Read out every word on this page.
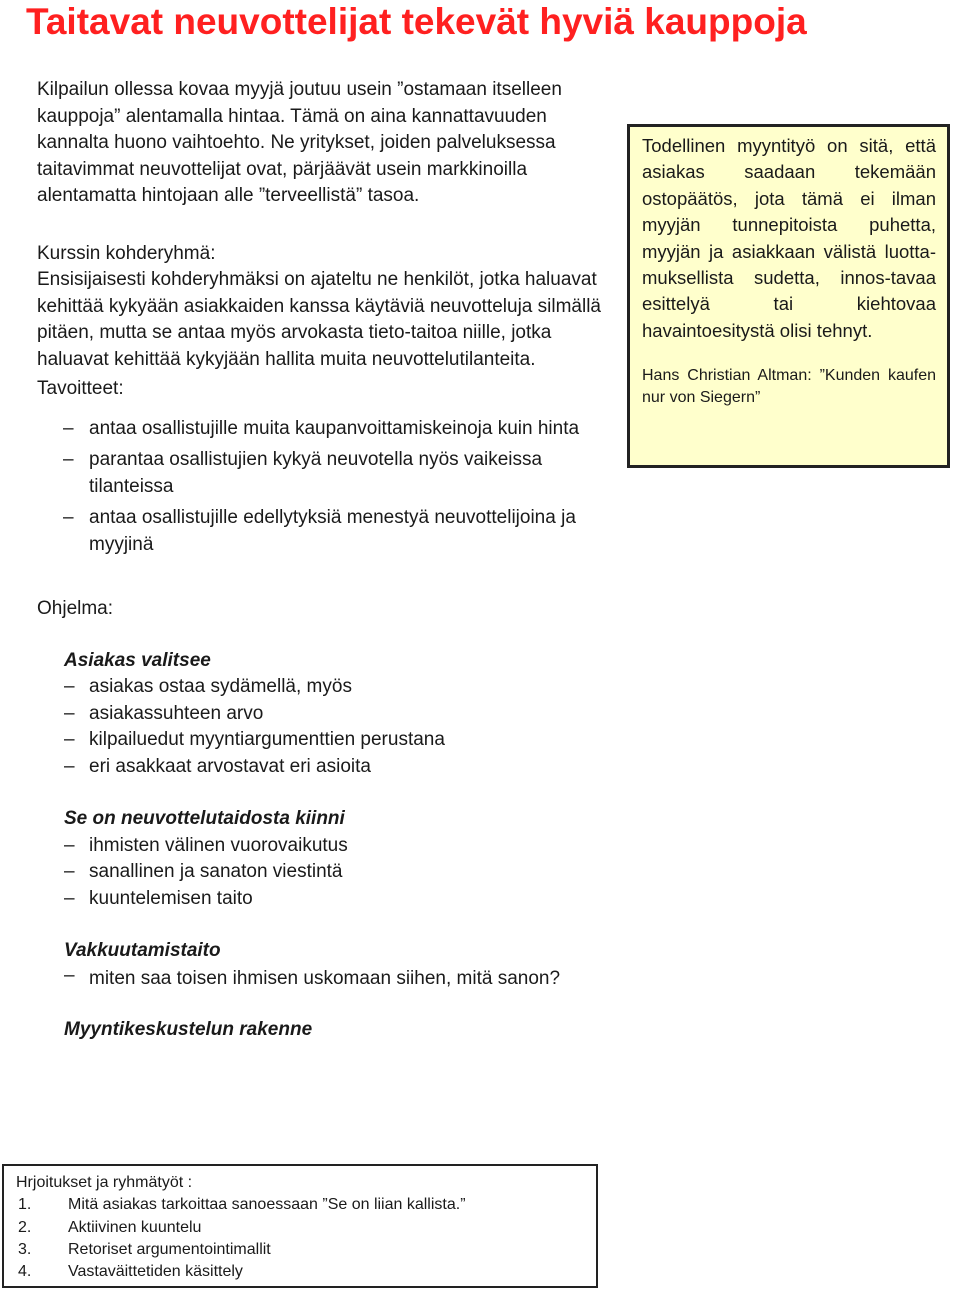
Taitavat neuvottelijat tekevät hyviä kauppoja

Kilpailun ollessa kovaa myyjä joutuu usein ”ostamaan itselleen kauppoja” alentamalla hintaa. Tämä on aina kannattavuuden kannalta huono vaihtoehto. Ne yritykset, joiden palveluksessa taitavimmat neuvottelijat ovat, pärjäävät usein markkinoilla alentamatta hintojaan alle ”terveellistä” tasoa.

Kurssin kohderyhmä:

Ensisijaisesti kohderyhmäksi on ajateltu ne henkilöt, jotka haluavat kehittää kykyään asiakkaiden kanssa käytäviä neuvotteluja silmällä pitäen, mutta se antaa myös arvokasta tieto-taitoa niille, jotka haluavat kehittää kykyjään hallita muita neuvottelutilanteita.

Tavoitteet:

– antaa osallistujille muita kaupanvoittamiskeinoja kuin hinta
– parantaa osallistujien kykyä neuvotella nyös vaikeissa tilanteissa
– antaa osallistujille edellytyksiä menestyä neuvottelijoina ja myyjinä

Ohjelma:

Asiakas valitsee

– asiakas ostaa sydämellä, myös
– asiakassuhteen arvo
– kilpailuedut myyntiargumenttien perustana
– eri asakkaat arvostavat eri asioita

Se on neuvottelutaidosta kiinni

– ihmisten välinen vuorovaikutus
– sanallinen ja sanaton viestintä
– kuuntelemisen taito

Vakkuutamistaito

– miten saa toisen ihmisen uskomaan siihen, mitä sanon?

Myyntikeskustelun rakenne

Todellinen myyntityö on sitä, että asiakas saadaan tekemään ostopäätös, jota tämä ei ilman myyjän tunnepitoista puhetta, myyjän ja asiakkaan välistä luotta-muksellista sudetta, innos-tavaa esittelyä tai kiehtovaa havaintoesitystä olisi tehnyt.

Hans Christian Altman: ”Kunden kaufen nur von Siegern”

Hrjoitukset ja ryhmätyöt :

1. Mitä asiakas tarkoittaa sanoessaan ”Se on liian kallista.”
2. Aktiivinen kuuntelu
3. Retoriset argumentointimallit
4. Vastaväittetiden käsittely
